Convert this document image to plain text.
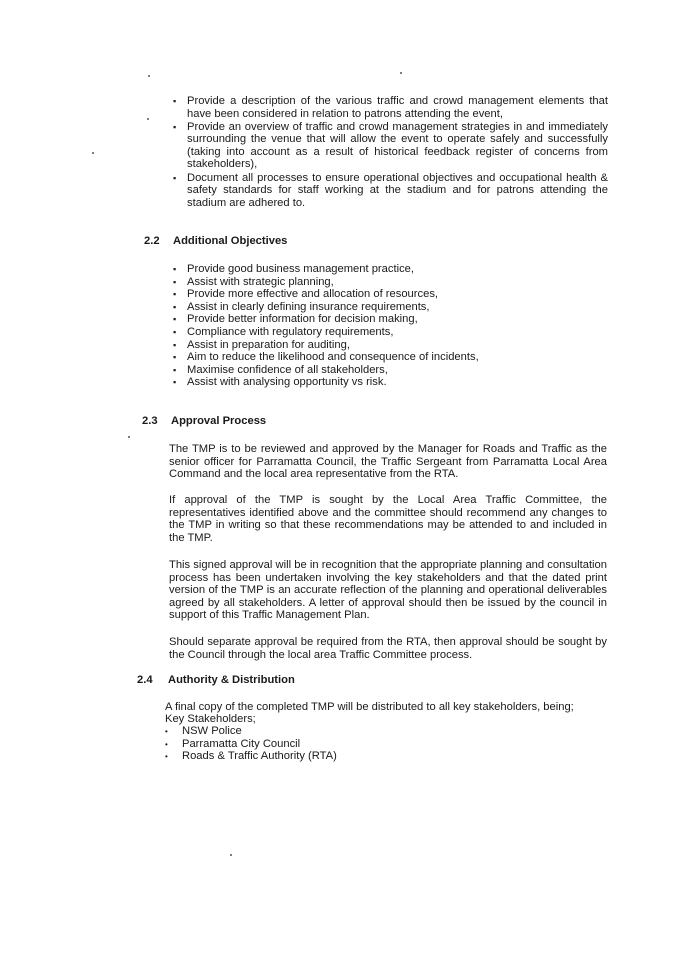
▪ Provide a description of the various traffic and crowd management elements that have been considered in relation to patrons attending the event,
▪ Provide an overview of traffic and crowd management strategies in and immediately surrounding the venue that will allow the event to operate safely and successfully (taking into account as a result of historical feedback register of concerns from stakeholders),
▪ Document all processes to ensure operational objectives and occupational health & safety standards for staff working at the stadium and for patrons attending the stadium are adhered to.
2.2 Additional Objectives
▪ Provide good business management practice,
▪ Assist with strategic planning,
▪ Provide more effective and allocation of resources,
▪ Assist in clearly defining insurance requirements,
▪ Provide better information for decision making,
▪ Compliance with regulatory requirements,
▪ Assist in preparation for auditing,
▪ Aim to reduce the likelihood and consequence of incidents,
▪ Maximise confidence of all stakeholders,
▪ Assist with analysing opportunity vs risk.
2.3 Approval Process

The TMP is to be reviewed and approved by the Manager for Roads and Traffic as the senior officer for Parramatta Council, the Traffic Sergeant from Parramatta Local Area Command and the local area representative from the RTA.

If approval of the TMP is sought by the Local Area Traffic Committee, the representatives identified above and the committee should recommend any changes to the TMP in writing so that these recommendations may be attended to and included in the TMP.

This signed approval will be in recognition that the appropriate planning and consultation process has been undertaken involving the key stakeholders and that the dated print version of the TMP is an accurate reflection of the planning and operational deliverables agreed by all stakeholders. A letter of approval should then be issued by the council in support of this Traffic Management Plan.

Should separate approval be required from the RTA, then approval should be sought by the Council through the local area Traffic Committee process.

2.4 Authority & Distribution

A final copy of the completed TMP will be distributed to all key stakeholders, being;

Key Stakeholders;

• NSW Police
• Parramatta City Council
• Roads & Traffic Authority (RTA)
